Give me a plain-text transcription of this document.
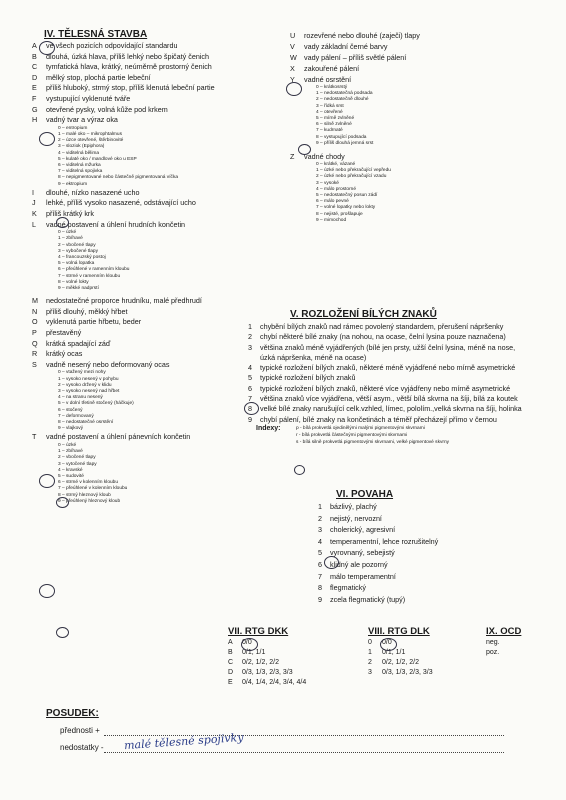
IV. TĚLESNÁ STAVBA
A ve všech pozicích odpovídající standardu
B dlouhá, úzká hlava, příliš lehký nebo špičatý čenich
C tymfatická hlava, krátký, neúměrně prostorný čenich
D mělký stop, plochá partie lebeční
E příliš hluboký, strmý stop, příliš klenutá lebeční partie
F vystupující vyklenuté tváře
G otevřené pysky, volná kůže pod krkem
H vadný tvar a výraz oka
0 – entropium
1 – malé oko – mikrophtalmus
2 – úzce otevřené, štěrbinovité
3 – sloziok (Epiphora)
4 – viditelná bělima
5 – kulaté oko / mandlové oko u ESP
6 – viditelná mžurka
7 – viditelná spojivka
8 – nepigmentované nebo částečně pigmentovaná víčka
9 – ektropium
I dlouhé, nízko nasazené ucho
J lehké, příliš vysoko nasazené, odstávající ucho
K příliš krátký krk
L vadné postavení a úhlení hrudních končetin
0 – úzké
1 – zbíhavé
2 – vbočené tlapy
3 – vybočené tlapy
4 – francouzský postoj
5 – volná lopatka
6 – přeúhlené v ramenním kloubu
7 – strmé v ramenním kloubu
8 – volné lokty
9 – měkké nadprstí
M nedostatečné proporce hrudníku, malé předhrudí
N příliš dlouhý, měkký hřbet
O vyklenutá partie hřbetu, beder
P přestavěný
Q krátká spadající záď
R krátký ocas
S vadně nesený nebo deformovaný ocas
0 – vtažený mezi nohy
1 – vysoko nesený v pohybu
2 – vysoko držený v klidu
3 – vysoko nesený nad hřbet
4 – na stranu nesený
5 – v dolní třetině stočený (háčkuje)
6 – stočený
7 – deformovaný
8 – nedostatečné osrstění
9 – vlajkový
T vadné postavení a úhlení pánevních končetin
0 – úzké
1 – zbíhavé
2 – vbočené tlapy
3 – vytočené tlapy
4 – kravské
5 – sudovité
6 – strmé v kolenním kloubu
7 – přeúhlené v kolenním kloubu
8 – strmý hleznový kloub
9 – přeúhlený hleznový kloub
U rozevřené nebo dlouhé (zaječi) tlapy
V vady základní černé barvy
W vady pálení – příliš světlé pálení
X zakouřené pálení
Y vadné osrstění
0 – krátkosrstý
1 – nedostatečná podsada
2 – nedostatečně dlouhé
3 – řídká srst
4 – otevřené
5 – mírně zvlněné
6 – silně zvlněné
7 – kudrnaté
8 – vystupující podsada
9 – příliš dlouhá jemná srst
Z vadné chody
0 – krátké, vázané
1 – úzké nebo překračující vepředu
2 – úzké nebo překračující vzadu
3 – vysoké
4 – málo prostorné
5 – nedostatečný posun zádí
6 – málo pevné
7 – volné lopatky nebo lokty
8 – nejisté, prošlapuje
9 – mimochod
V. ROZLOŽENÍ BÍLÝCH ZNAKŮ
1 chybění bílých znaků nad rámec povolený standardem, přerušení nápršenky
2 chybí některé bílé znaky (na nohou, na ocase, čelní lysina pouze naznačena)
3 většina znaků méně vyjádřených (bílé jen prsty, užší čelní lysina, méně na nose,
úzká nápršenka, méně na ocase)
4 typické rozložení bílých znaků, některé méně vyjádřené nebo mírně asymetrické
5 typické rozložení bílých znaků
6 typické rozložení bílých znaků, některé více vyjádřeny nebo mírně asymetrické
7 většina znaků více vyjádřena, větší asym., větší bílá skvrna na šíji, bílá za koutek
8 velké bílé znaky narušující celk.vzhled, límec, pololím.,velká skvrna na šíji, holinka
9 chybí pálení, bílé znaky na končetinách a téměř přecházejí přímo v černou
Indexy:	p - bílá prokvetlá ojedinělými malými pigmentovými skvrnami
r - bílá prokvetlá částečnými pigmentovými skvrnami
s - bílá silně prokvetlá pigmentovými skvrnami, velké pigmentové skvrny
VI. POVAHA
1 bázlivý, plachý
2 nejistý, nervozní
3 cholerický, agresivní
4 temperamentní, lehce rozrušitelný
5 vyrovnaný, sebejistý
6 klidný ale pozorný
7 málo temperamentní
8 flegmatický
9 zcela flegmatický (tupý)
VII. RTG DKK
A 0/0
B 0/1, 1/1
C 0/2, 1/2, 2/2
D 0/3, 1/3, 2/3, 3/3
E 0/4, 1/4, 2/4, 3/4, 4/4
VIII. RTG DLK
0 0/0
1 0/1, 1/1
2 0/2, 1/2, 2/2
3 0/3, 1/3, 2/3, 3/3
IX. OCD
neg.
poz.
POSUDEK:
přednosti +
nedostatky - malé tělesné spojivky
